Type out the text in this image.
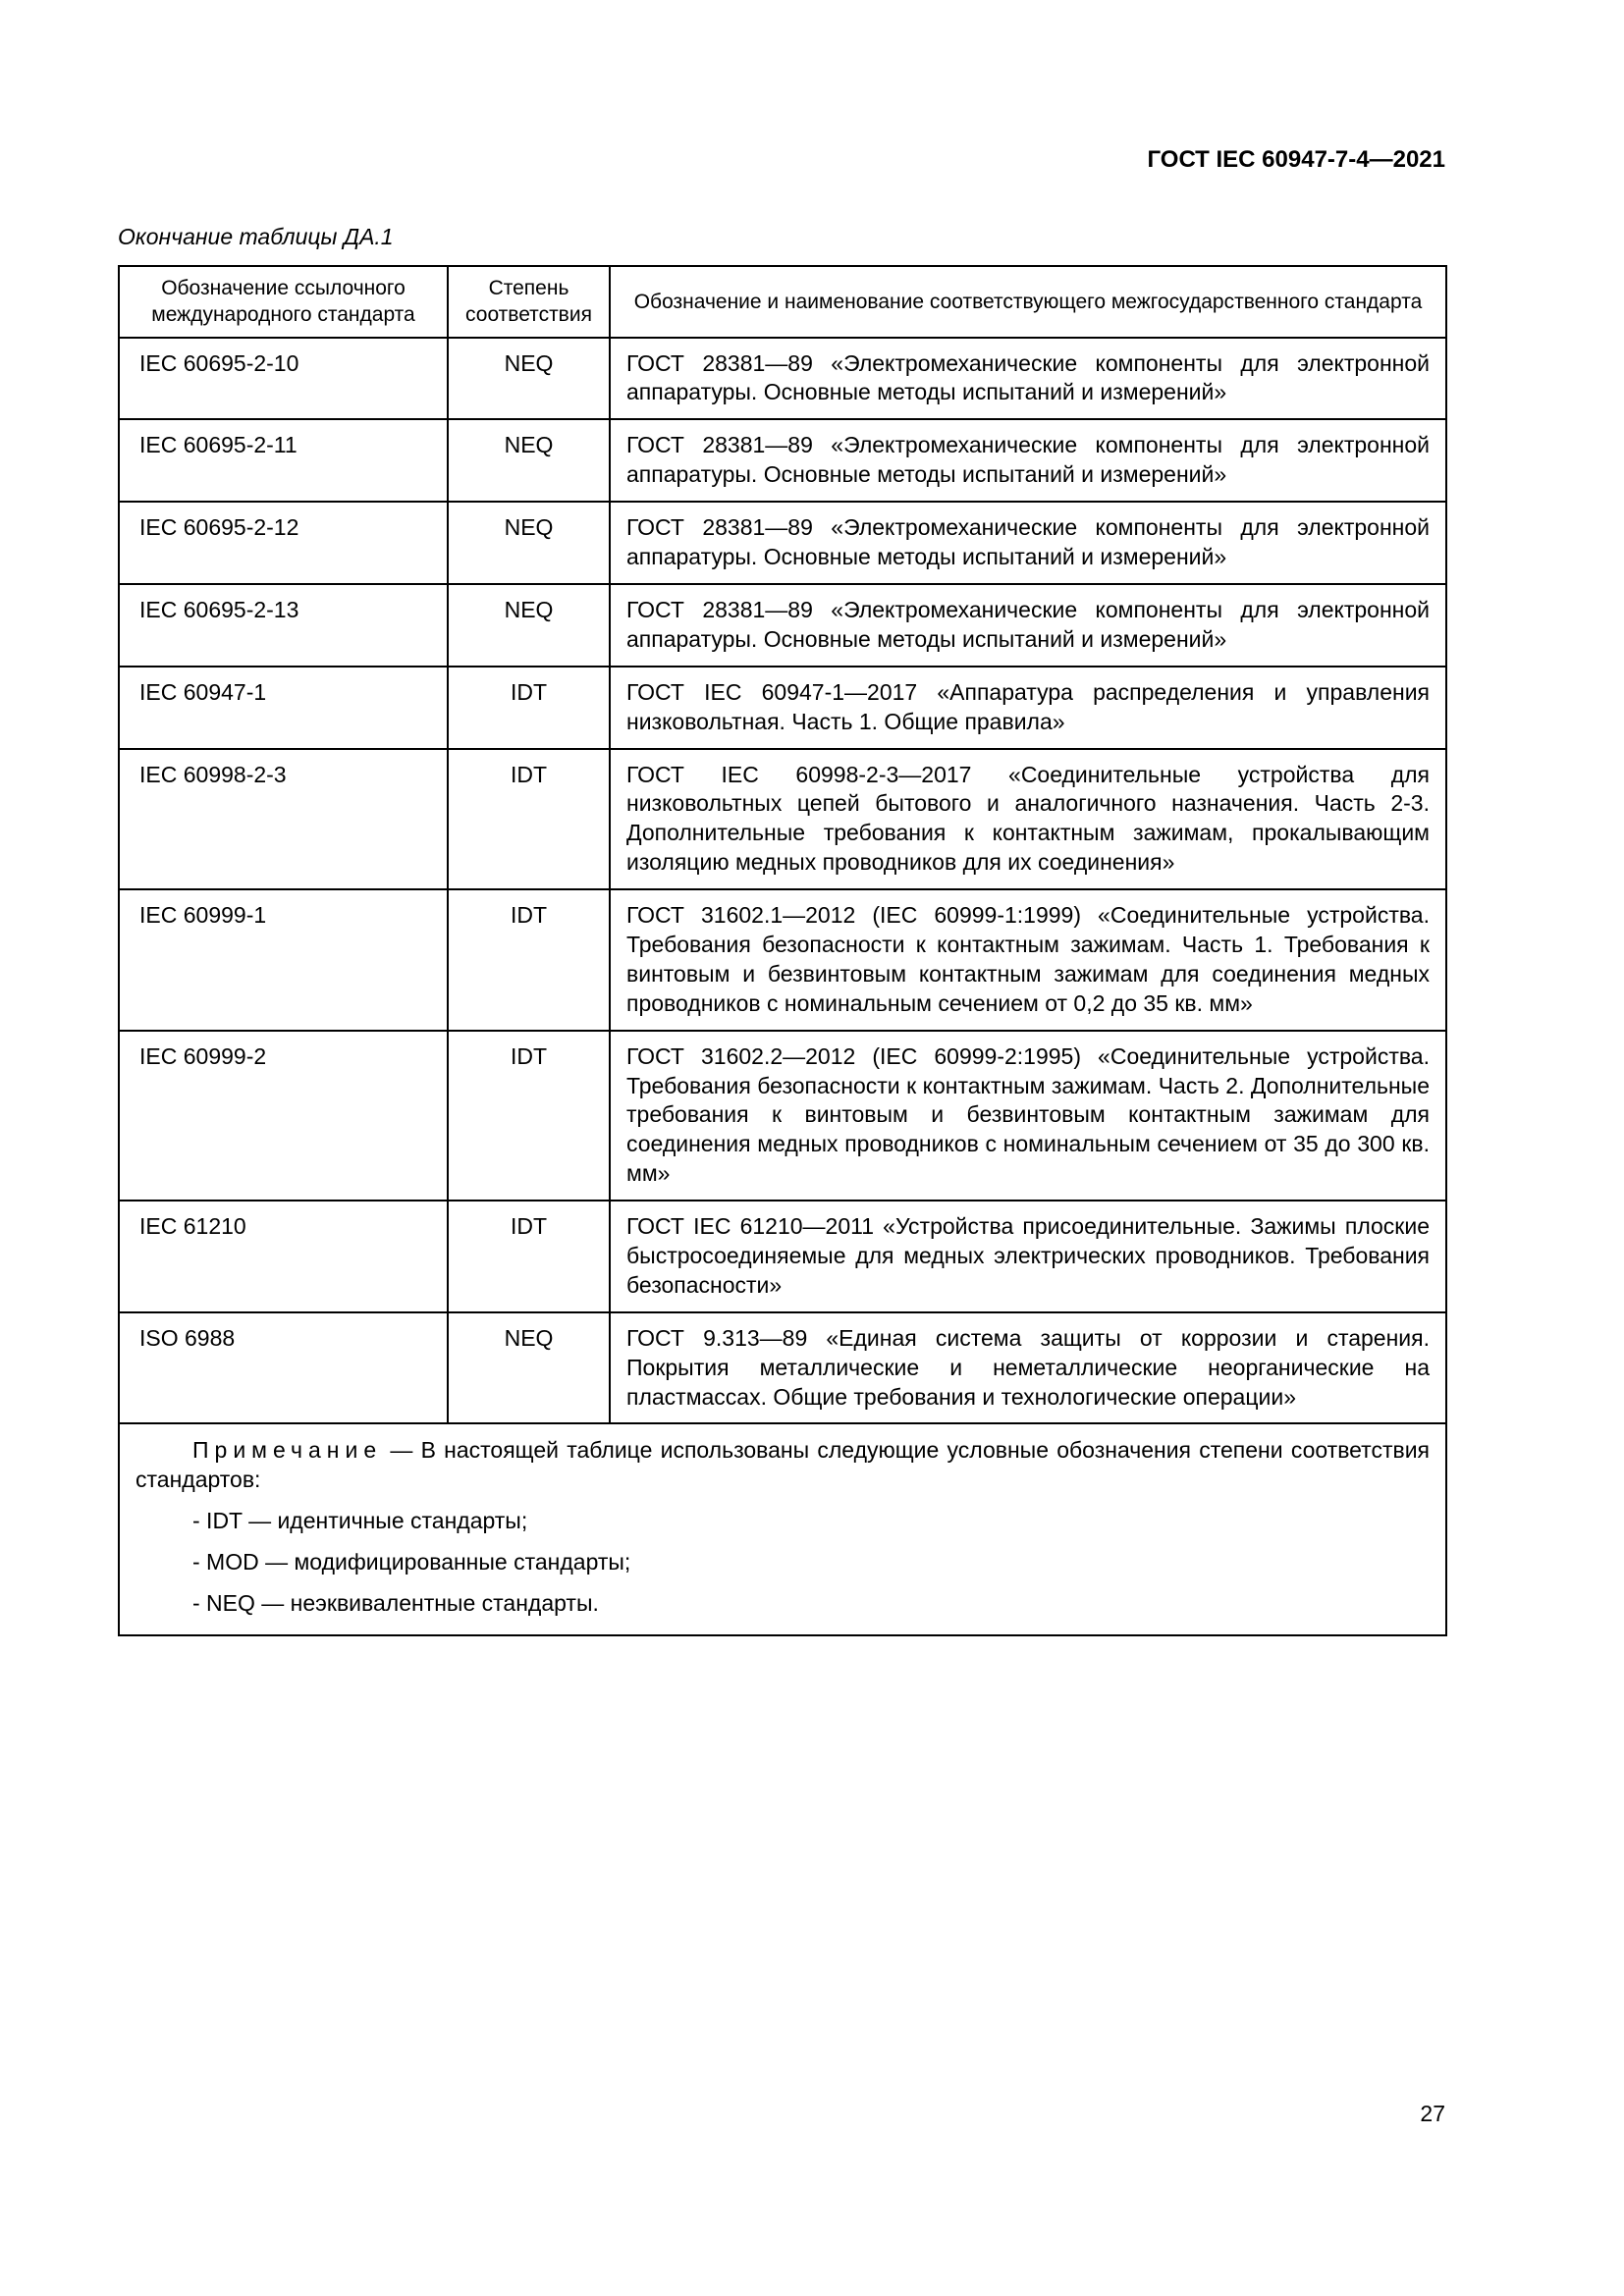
ГОСТ IEC 60947-7-4—2021
Окончание таблицы ДА.1
Обозначение ссылочного международного стандарта	Степень соответствия	Обозначение и наименование соответствующего межгосударственного стандарта
IEC 60695-2-10	NEQ	ГОСТ 28381—89 «Электромеханические компоненты для электронной аппаратуры. Основные методы испытаний и измерений»
IEC 60695-2-11	NEQ	ГОСТ 28381—89 «Электромеханические компоненты для электронной аппаратуры. Основные методы испытаний и измерений»
IEC 60695-2-12	NEQ	ГОСТ 28381—89 «Электромеханические компоненты для электронной аппаратуры. Основные методы испытаний и измерений»
IEC 60695-2-13	NEQ	ГОСТ 28381—89 «Электромеханические компоненты для электронной аппаратуры. Основные методы испытаний и измерений»
IEC 60947-1	IDT	ГОСТ IEC 60947-1—2017 «Аппаратура распределения и управления низковольтная. Часть 1. Общие правила»
IEC 60998-2-3	IDT	ГОСТ IEC 60998-2-3—2017 «Соединительные устройства для низковольтных цепей бытового и аналогичного назначения. Часть 2-3. Дополнительные требования к контактным зажимам, прокалывающим изоляцию медных проводников для их соединения»
IEC 60999-1	IDT	ГОСТ 31602.1—2012 (IEC 60999-1:1999) «Соединительные устройства. Требования безопасности к контактным зажимам. Часть 1. Требования к винтовым и безвинтовым контактным зажимам для соединения медных проводников с номинальным сечением от 0,2 до 35 кв. мм»
IEC 60999-2	IDT	ГОСТ 31602.2—2012 (IEC 60999-2:1995) «Соединительные устройства. Требования безопасности к контактным зажимам. Часть 2. Дополнительные требования к винтовым и безвинтовым контактным зажимам для соединения медных проводников с номинальным сечением от 35 до 300 кв. мм»
IEC 61210	IDT	ГОСТ IEC 61210—2011 «Устройства присоединительные. Зажимы плоские быстросоединяемые для медных электрических проводников. Требования безопасности»
ISO 6988	NEQ	ГОСТ 9.313—89 «Единая система защиты от коррозии и старения. Покрытия металлические и неметаллические неорганические на пластмассах. Общие требования и технологические операции»

Примечание — В настоящей таблице использованы следующие условные обозначения степени соответствия стандартов:

- IDT — идентичные стандарты;

- MOD — модифицированные стандарты;

- NEQ — неэквивалентные стандарты.		

27
